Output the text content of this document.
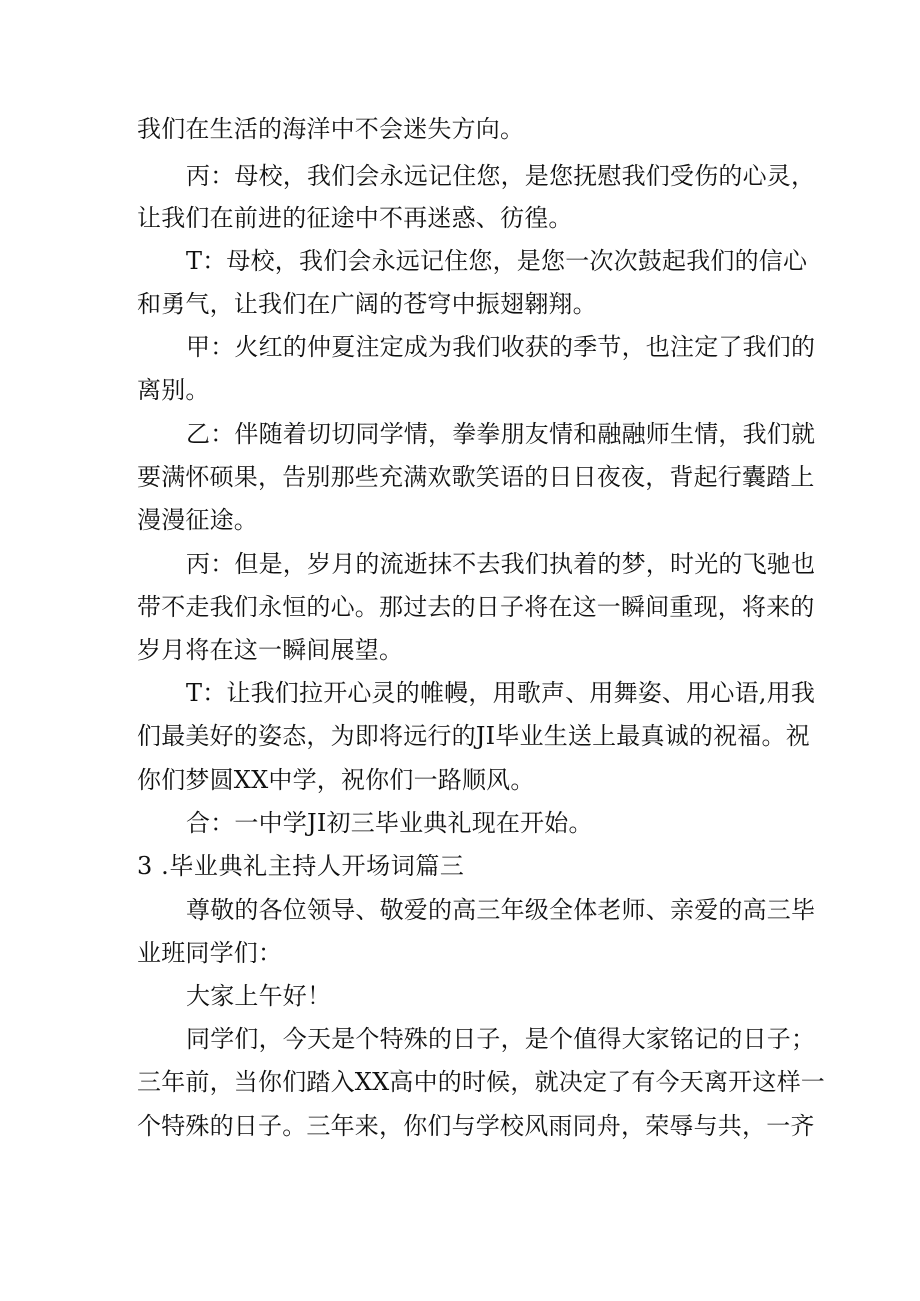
我们在生活的海洋中不会迷失方向。
丙：母校，我们会永远记住您，是您抚慰我们受伤的心灵，
让我们在前进的征途中不再迷惑、彷徨。
T：母校，我们会永远记住您，是您一次次鼓起我们的信心
和勇气，让我们在广阔的苍穹中振翅翱翔。
甲：火红的仲夏注定成为我们收获的季节，也注定了我们的
离别。
乙：伴随着切切同学情，拳拳朋友情和融融师生情，我们就
要满怀硕果，告别那些充满欢歌笑语的日日夜夜，背起行囊踏上
漫漫征途。
丙：但是，岁月的流逝抹不去我们执着的梦，时光的飞驰也
带不走我们永恒的心。那过去的日子将在这一瞬间重现，将来的
岁月将在这一瞬间展望。
T：让我们拉开心灵的帷幔，用歌声、用舞姿、用心语,用我
们最美好的姿态，为即将远行的JI毕业生送上最真诚的祝福。祝
你们梦圆XX中学，祝你们一路顺风。
合：一中学JI初三毕业典礼现在开始。
3 .毕业典礼主持人开场词篇三
尊敬的各位领导、敬爱的高三年级全体老师、亲爱的高三毕
业班同学们：
大家上午好！
同学们，今天是个特殊的日子，是个值得大家铭记的日子；
三年前，当你们踏入XX高中的时候，就决定了有今天离开这样一
个特殊的日子。三年来，你们与学校风雨同舟，荣辱与共，一齐
